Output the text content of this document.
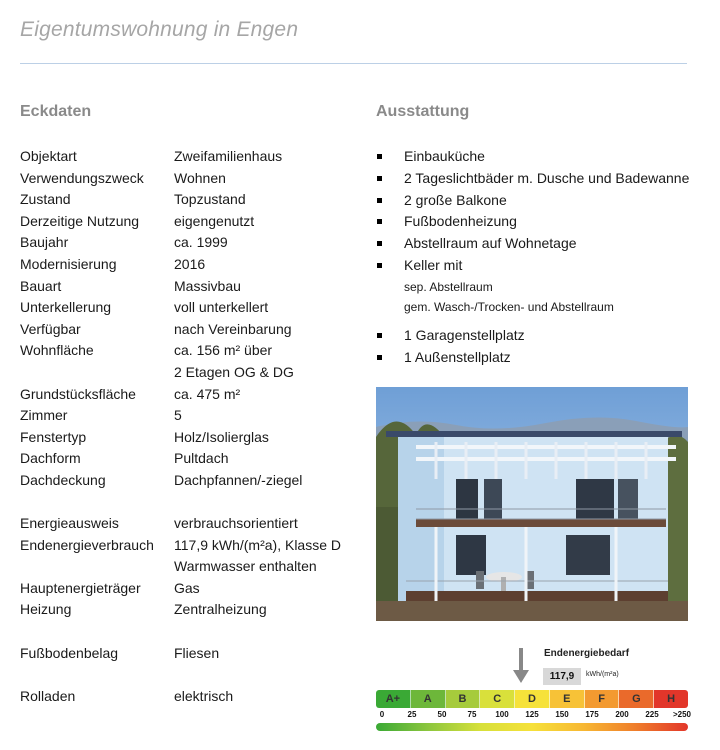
Eigentumswohnung in Engen
Eckdaten	Ausstattung
Objektart	Zweifamilienhaus
Verwendungszweck	Wohnen
Zustand	Topzustand
Derzeitige Nutzung	eigengenutzt
Baujahr	ca. 1999
Modernisierung	2016
Bauart	Massivbau
Unterkellerung	voll unterkellert
Verfügbar	nach Vereinbarung
Wohnfläche	ca. 156 m² über
2 Etagen OG & DG
Grundstücksfläche	ca. 475 m²
Zimmer	5
Fenstertyp	Holz/Isolierglas
Dachform	Pultdach
Dachdeckung	Dachpfannen/-ziegel
Energieausweis	verbrauchsorientiert
Endenergieverbrauch	117,9 kWh/(m²a), Klasse D
Warmwasser enthalten
Hauptenergieträger	Gas
Heizung	Zentralheizung
Fußbodenbelag	Fliesen
Rolladen	elektrisch
Einbauküche
2 Tageslichtbäder m. Dusche und Badewanne
2 große Balkone
Fußbodenheizung
Abstellraum auf Wohnetage
Keller mit
sep. Abstellraum
gem. Wasch-/Trocken- und Abstellraum
1 Garagenstellplatz
1 Außenstellplatz
Endenergiebedarf
117,9	kWh/(m²a)
A+	A	B	C	D	E	F	G	H
0	25	50	75 100 125 150 175 200 225 >250
